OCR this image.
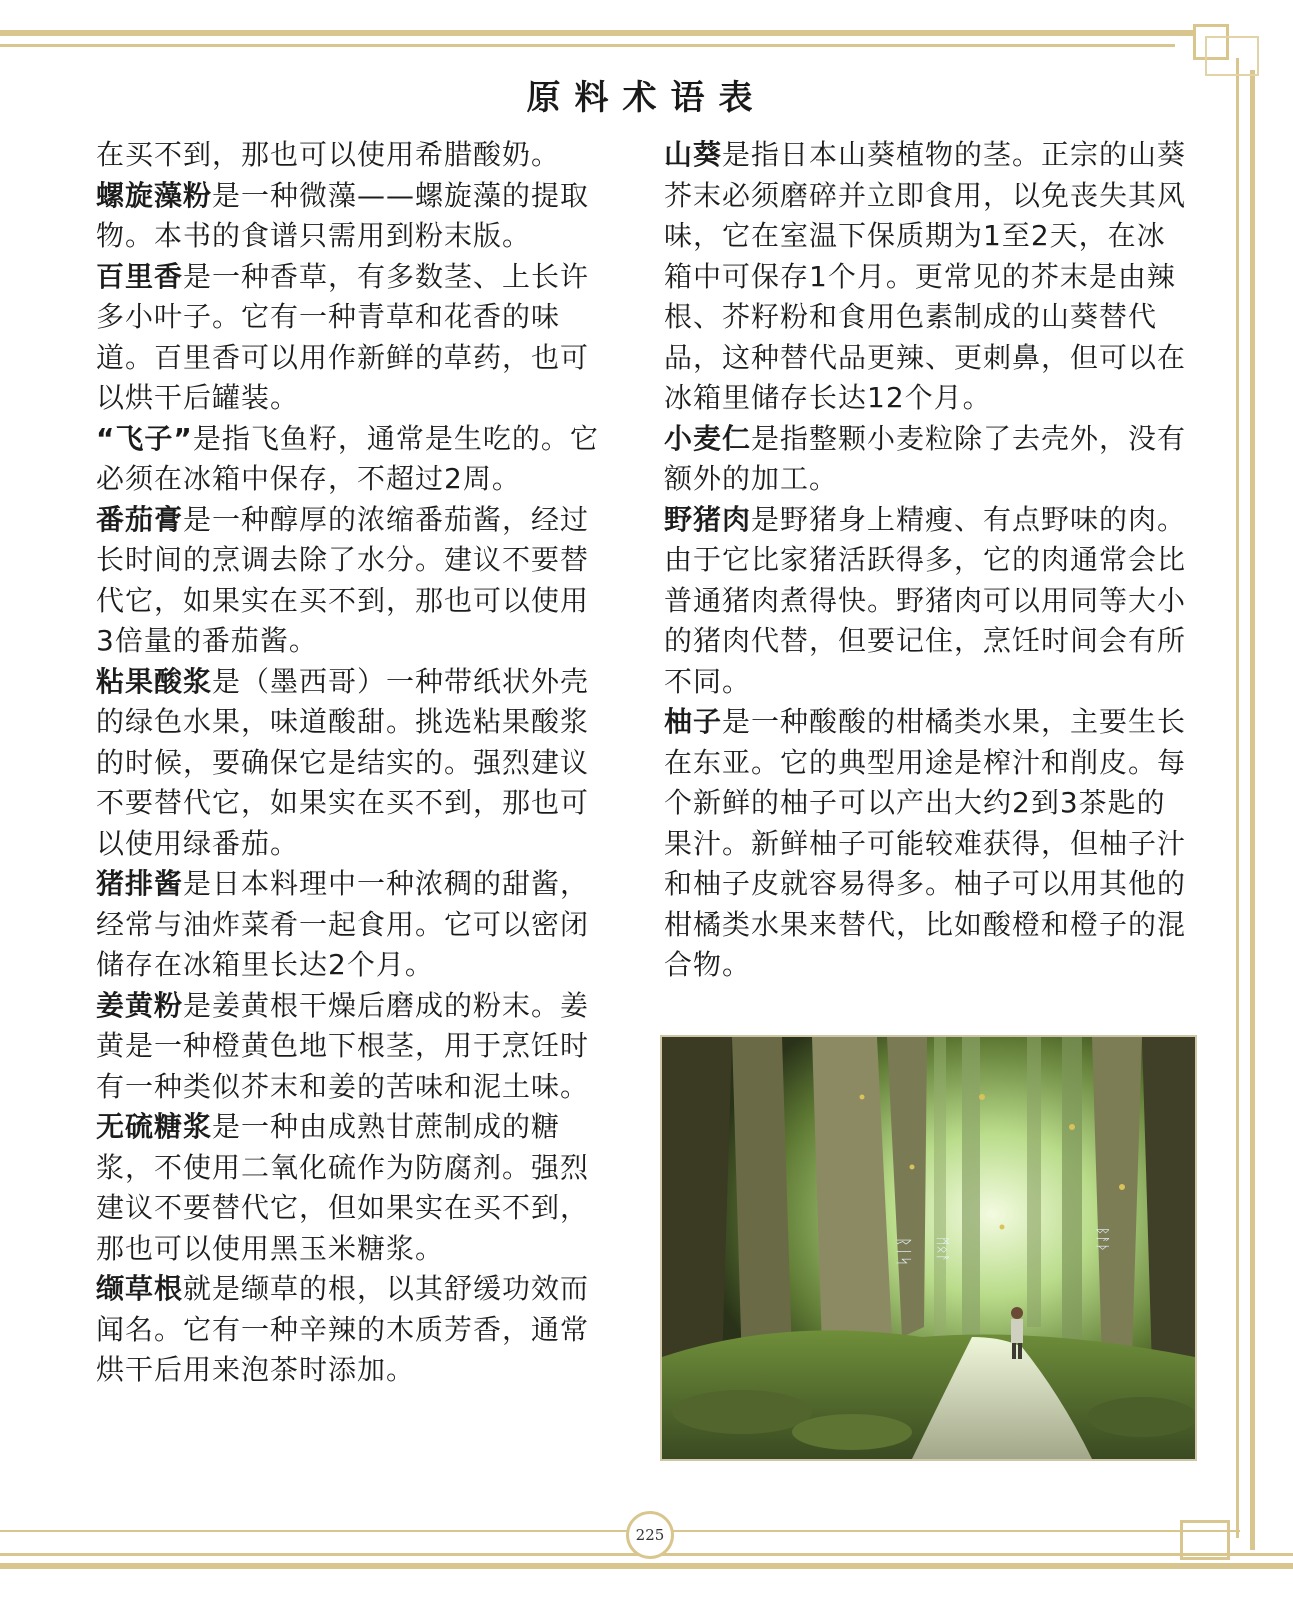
原料术语表

在买不到，那也可以使用希腊酸奶。

螺旋藻粉是一种微藻——螺旋藻的提取物。本书的食谱只需用到粉末版。

百里香是一种香草，有多数茎、上长许多小叶子。它有一种青草和花香的味道。百里香可以用作新鲜的草药，也可以烘干后罐装。

“飞子”是指飞鱼籽，通常是生吃的。它必须在冰箱中保存，不超过2周。

番茄膏是一种醇厚的浓缩番茄酱，经过长时间的烹调去除了水分。建议不要替代它，如果实在买不到，那也可以使用3倍量的番茄酱。

粘果酸浆是（墨西哥）一种带纸状外壳的绿色水果，味道酸甜。挑选粘果酸浆的时候，要确保它是结实的。强烈建议不要替代它，如果实在买不到，那也可以使用绿番茄。

猪排酱是日本料理中一种浓稠的甜酱，经常与油炸菜肴一起食用。它可以密闭储存在冰箱里长达2个月。

姜黄粉是姜黄根干燥后磨成的粉末。姜黄是一种橙黄色地下根茎，用于烹饪时有一种类似芥末和姜的苦味和泥土味。

无硫糖浆是一种由成熟甘蔗制成的糖浆，不使用二氧化硫作为防腐剂。强烈建议不要替代它，但如果实在买不到，那也可以使用黑玉米糖浆。

缬草根就是缬草的根，以其舒缓功效而闻名。它有一种辛辣的木质芳香，通常烘干后用来泡茶时添加。

山葵是指日本山葵植物的茎。正宗的山葵芥末必须磨碎并立即食用，以免丧失其风味，它在室温下保质期为1至2天，在冰箱中可保存1个月。更常见的芥末是由辣根、芥籽粉和食用色素制成的山葵替代品，这种替代品更辣、更刺鼻，但可以在冰箱里储存长达12个月。

小麦仁是指整颗小麦粒除了去壳外，没有额外的加工。

野猪肉是野猪身上精瘦、有点野味的肉。由于它比家猪活跃得多，它的肉通常会比普通猪肉煮得快。野猪肉可以用同等大小的猪肉代替，但要记住，烹饪时间会有所不同。

柚子是一种酸酸的柑橘类水果，主要生长在东亚。它的典型用途是榨汁和削皮。每个新鲜的柚子可以产出大约2到3茶匙的果汁。新鲜柚子可能较难获得，但柚子汁和柚子皮就容易得多。柚子可以用其他的柑橘类水果来替代，比如酸橙和橙子的混合物。

ᚱᛁᛋ ᛗᛟᚨ	ᛒᚨᚦ
225
